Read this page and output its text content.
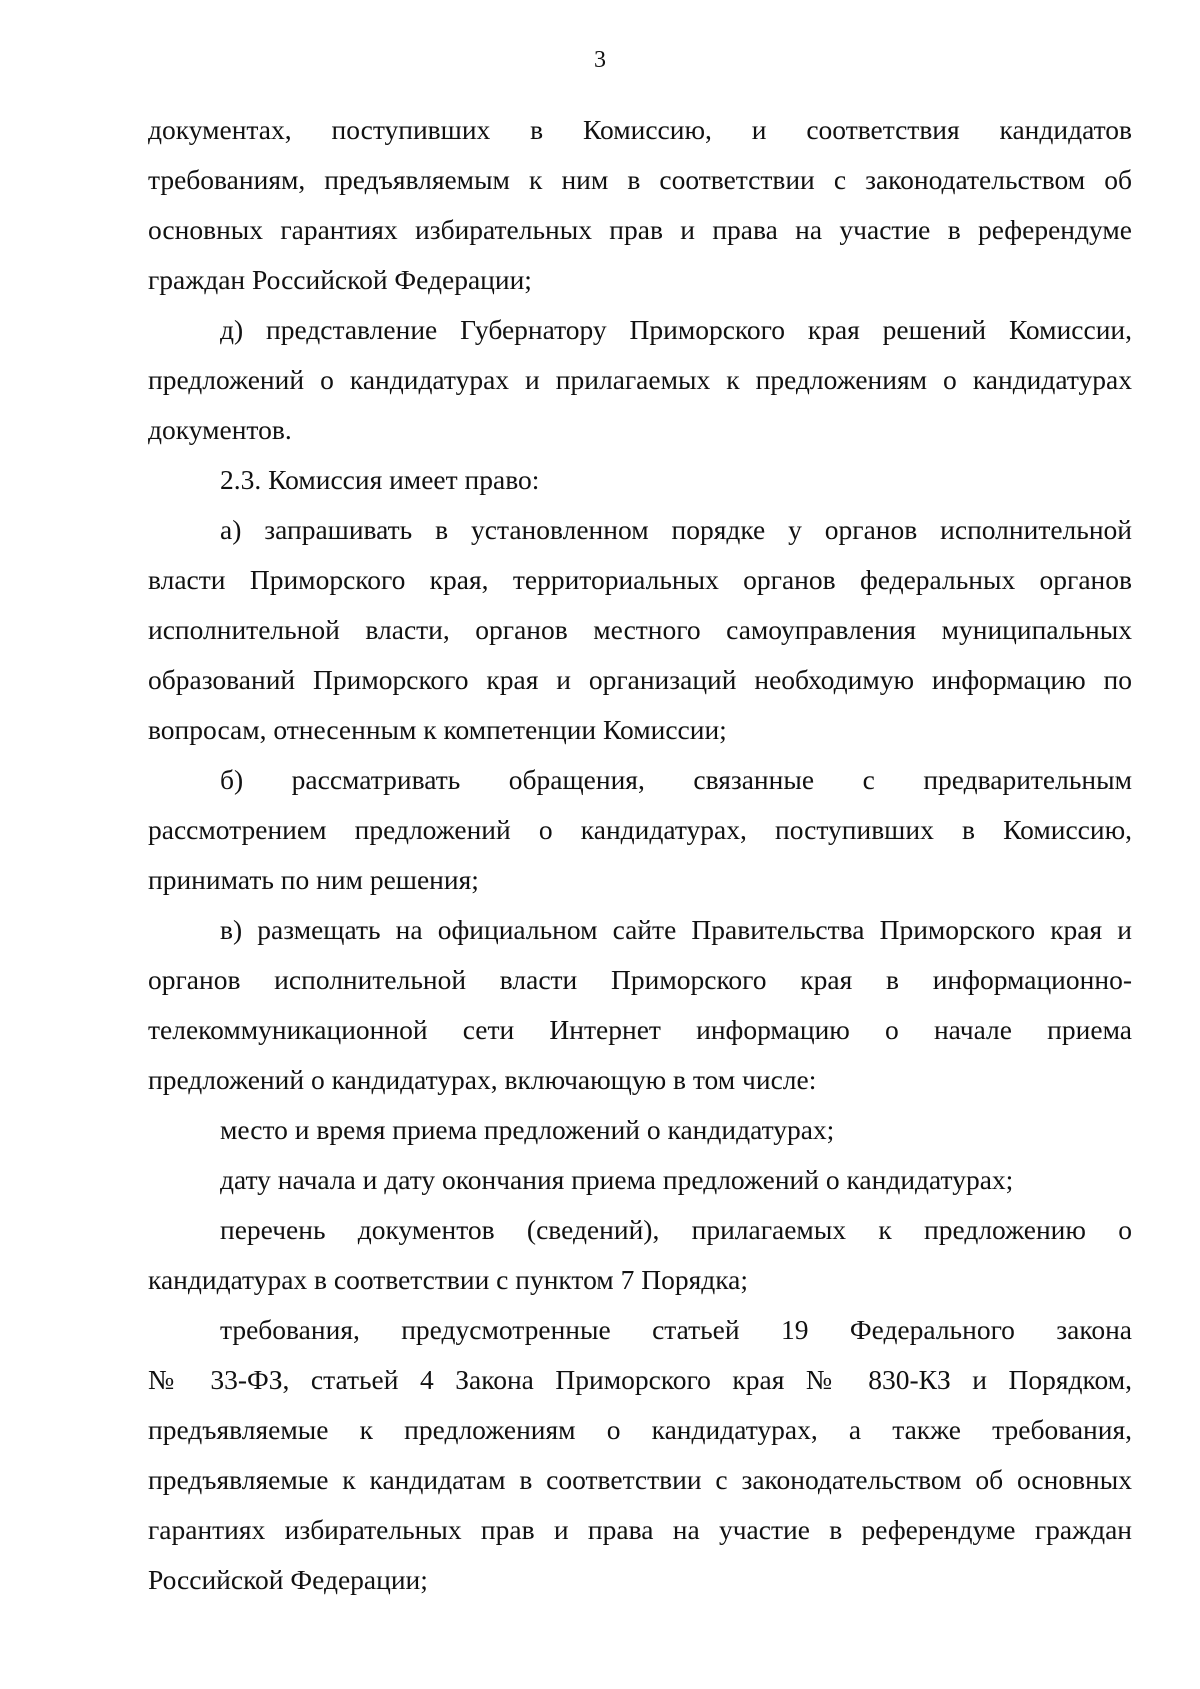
3
документах, поступивших в Комиссию, и соответствия кандидатов
требованиям, предъявляемым к ним в соответствии с законодательством об
основных гарантиях избирательных прав и права на участие в референдуме
граждан Российской Федерации;
д) представление Губернатору Приморского края решений Комиссии,
предложений о кандидатурах и прилагаемых к предложениям о кандидатурах
документов.
2.3. Комиссия имеет право:
а) запрашивать в установленном порядке у органов исполнительной
власти Приморского края, территориальных органов федеральных органов
исполнительной власти, органов местного самоуправления муниципальных
образований Приморского края и организаций необходимую информацию по
вопросам, отнесенным к компетенции Комиссии;
б) рассматривать обращения, связанные с предварительным
рассмотрением предложений о кандидатурах, поступивших в Комиссию,
принимать по ним решения;
в) размещать на официальном сайте Правительства Приморского края и
органов исполнительной власти Приморского края в информационно-
телекоммуникационной сети Интернет информацию о начале приема
предложений о кандидатурах, включающую в том числе:
место и время приема предложений о кандидатурах;
дату начала и дату окончания приема предложений о кандидатурах;
перечень документов (сведений), прилагаемых к предложению о
кандидатурах в соответствии с пунктом 7 Порядка;
требования, предусмотренные статьей 19 Федерального закона
№ 33-ФЗ, статьей 4 Закона Приморского края № 830-КЗ и Порядком,
предъявляемые к предложениям о кандидатурах, а также требования,
предъявляемые к кандидатам в соответствии с законодательством об основных
гарантиях избирательных прав и права на участие в референдуме граждан
Российской Федерации;
